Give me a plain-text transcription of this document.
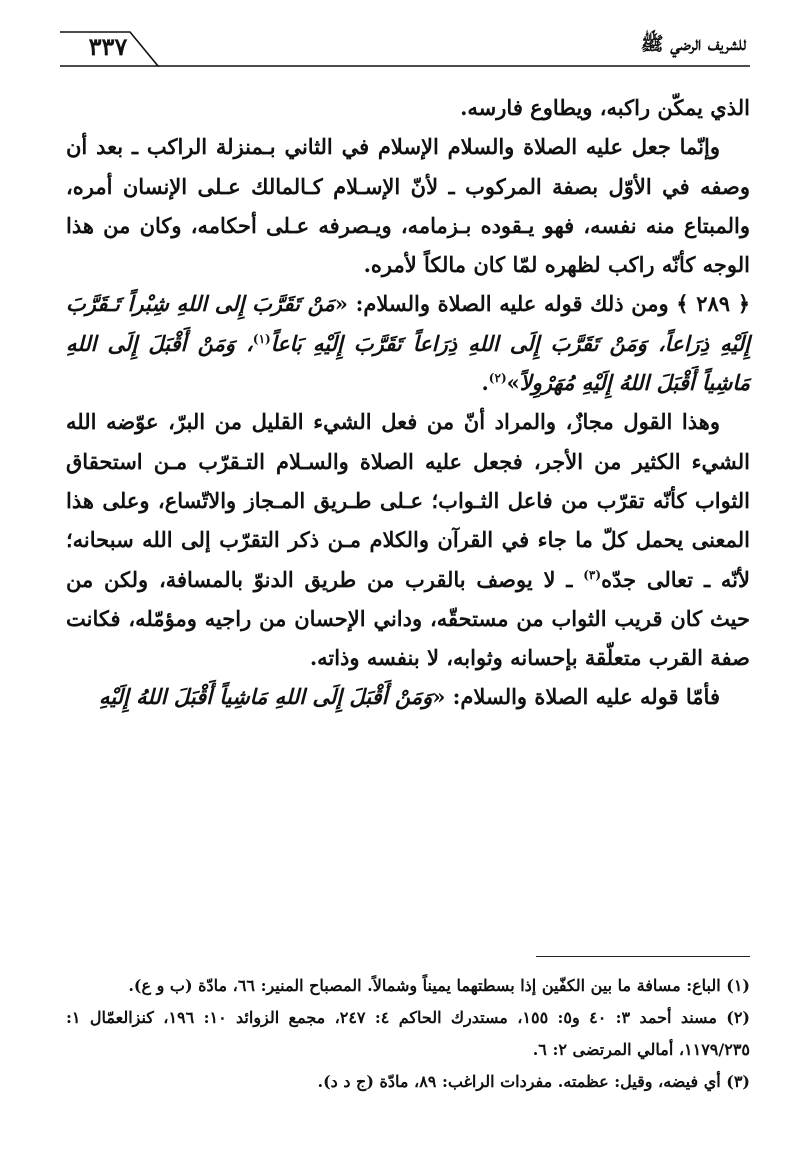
٣٣٧	للشريف الرضي ﷺ

الذي يمكّن راكبه، ويطاوع فارسه.

وإنّما جعل عليه الصلاة والسلام الإسلام في الثاني بـمنزلة الراكب ـ بعد أن وصفه في الأوّل بصفة المركوب ـ لأنّ الإسـلام كـالمالك عـلى الإنسان أمره، والمبتاع منه نفسه، فهو يـقوده بـزمامه، ويـصرفه عـلى أحكامه، وكان من هذا الوجه كأنّه راكب لظهره لمّا كان مالكاً لأمره.

﴿ ٢٨٩ ﴾ ومن ذلك قوله عليه الصلاة والسلام: «مَنْ تَقَرَّبَ إِلى اللهِ شِبْراً تَـقَرَّبَ إِلَيْهِ ذِرَاعاً، وَمَنْ تَقَرَّبَ إِلَى اللهِ ذِرَاعاً تَقَرَّبَ إِلَيْهِ بَاعاً$^{(١)}$، وَمَنْ أَقْبَلَ إِلَى اللهِ مَاشِياً أَقْبَلَ اللهُ إِلَيْهِ مُهَرْوِلاً»$^{(٢)}$.

وهذا القول مجازٌ، والمراد أنّ من فعل الشيء القليل من البرّ، عوّضه الله الشيء الكثير من الأجر، فجعل عليه الصلاة والسـلام التـقرّب مـن استحقاق الثواب كأنّه تقرّب من فاعل الثـواب؛ عـلى طـريق المـجاز والاتّساع، وعلى هذا المعنى يحمل كلّ ما جاء في القرآن والكلام مـن ذكر التقرّب إلى الله سبحانه؛ لأنّه ـ تعالى جدّه$^{(٣)}$ ـ لا يوصف بالقرب من طريق الدنوّ بالمسافة، ولكن من حيث كان قريب الثواب من مستحقّه، وداني الإحسان من راجيه ومؤمّله، فكانت صفة القرب متعلّقة بإحسانه وثوابه، لا بنفسه وذاته.

فأمّا قوله عليه الصلاة والسلام: «وَمَنْ أَقْبَلَ إِلَى اللهِ مَاشِياً أَقْبَلَ اللهُ إِلَيْهِ

(١) الباع: مسافة ما بين الكفّين إذا بسطتهما يميناً وشمالاً. المصباح المنير: ٦٦، مادّة (ب و ع).

(٢) مسند أحمد ٣: ٤٠ و٥: ١٥٥، مستدرك الحاكم ٤: ٢٤٧، مجمع الزوائد ١٠: ١٩٦، كنزالعمّال ١: ١١٧٩/٢٣٥، أمالي المرتضى ٢: ٦.

(٣) أي فيضه، وقيل: عظمته. مفردات الراغب: ٨٩، مادّة (ج د د).
